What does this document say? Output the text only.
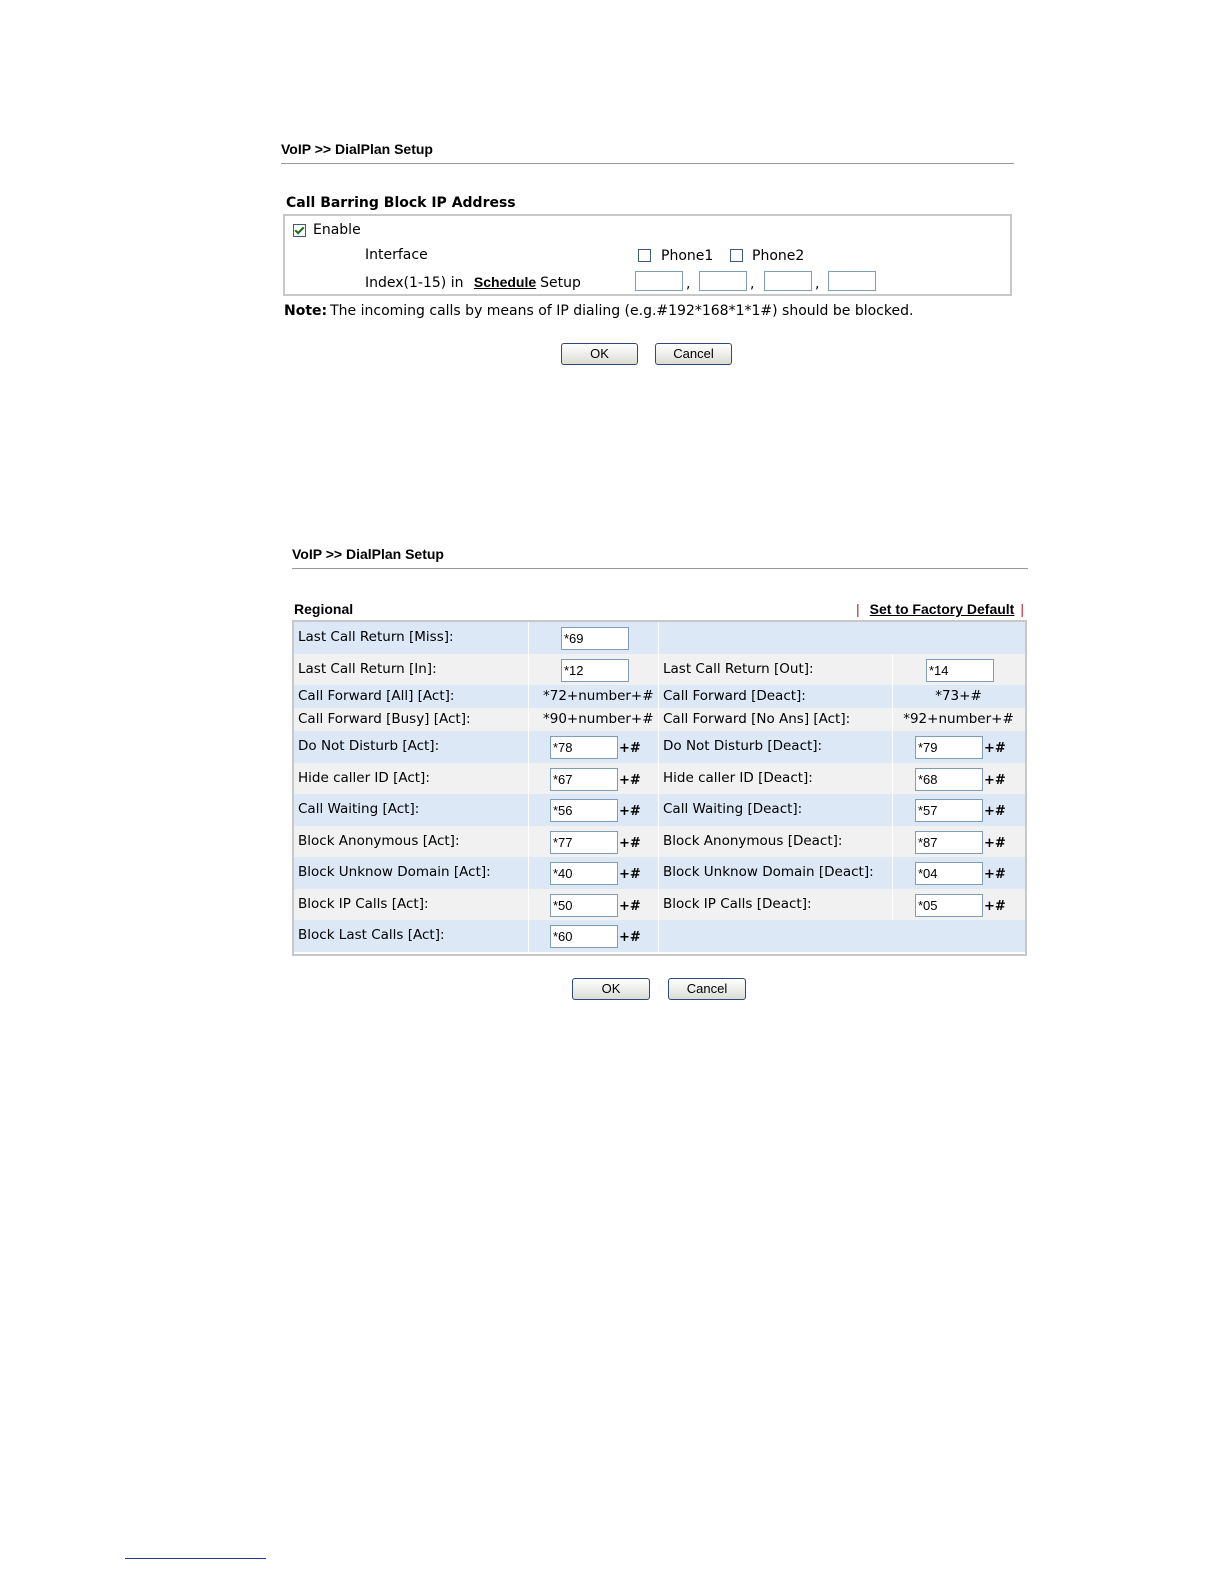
VoIP >> DialPlan Setup
Call Barring Block IP Address
Enable
Interface	Phone1	Phone2
Index(1-15) in Schedule Setup	,	,	,
Note: The incoming calls by means of IP dialing (e.g.#192*168*1*1#) should be blocked.
OK	Cancel
VoIP >> DialPlan Setup
Regional	| Set to Factory Default |
Last Call Return [Miss]:	*69
Last Call Return [In]:	*12	Last Call Return [Out]:	*14
Call Forward [All] [Act]:	*72+number+# Call Forward [Deact]:	*73+#
Call Forward [Busy] [Act]:	*90+number+# Call Forward [No Ans] [Act]:	*92+number+#
Do Not Disturb [Act]:	*78	+# Do Not Disturb [Deact]:	*79	+#
Hide caller ID [Act]:	*67	+# Hide caller ID [Deact]:	*68	+#
Call Waiting [Act]:	*56	+# Call Waiting [Deact]:	*57	+#
Block Anonymous [Act]:	*77	+# Block Anonymous [Deact]:	*87	+#
Block Unknow Domain [Act]:	*40	+# Block Unknow Domain [Deact]:	*04	+#
Block IP Calls [Act]:	*50	+# Block IP Calls [Deact]:	*05	+#
Block Last Calls [Act]:	*60	+#
OK	Cancel
